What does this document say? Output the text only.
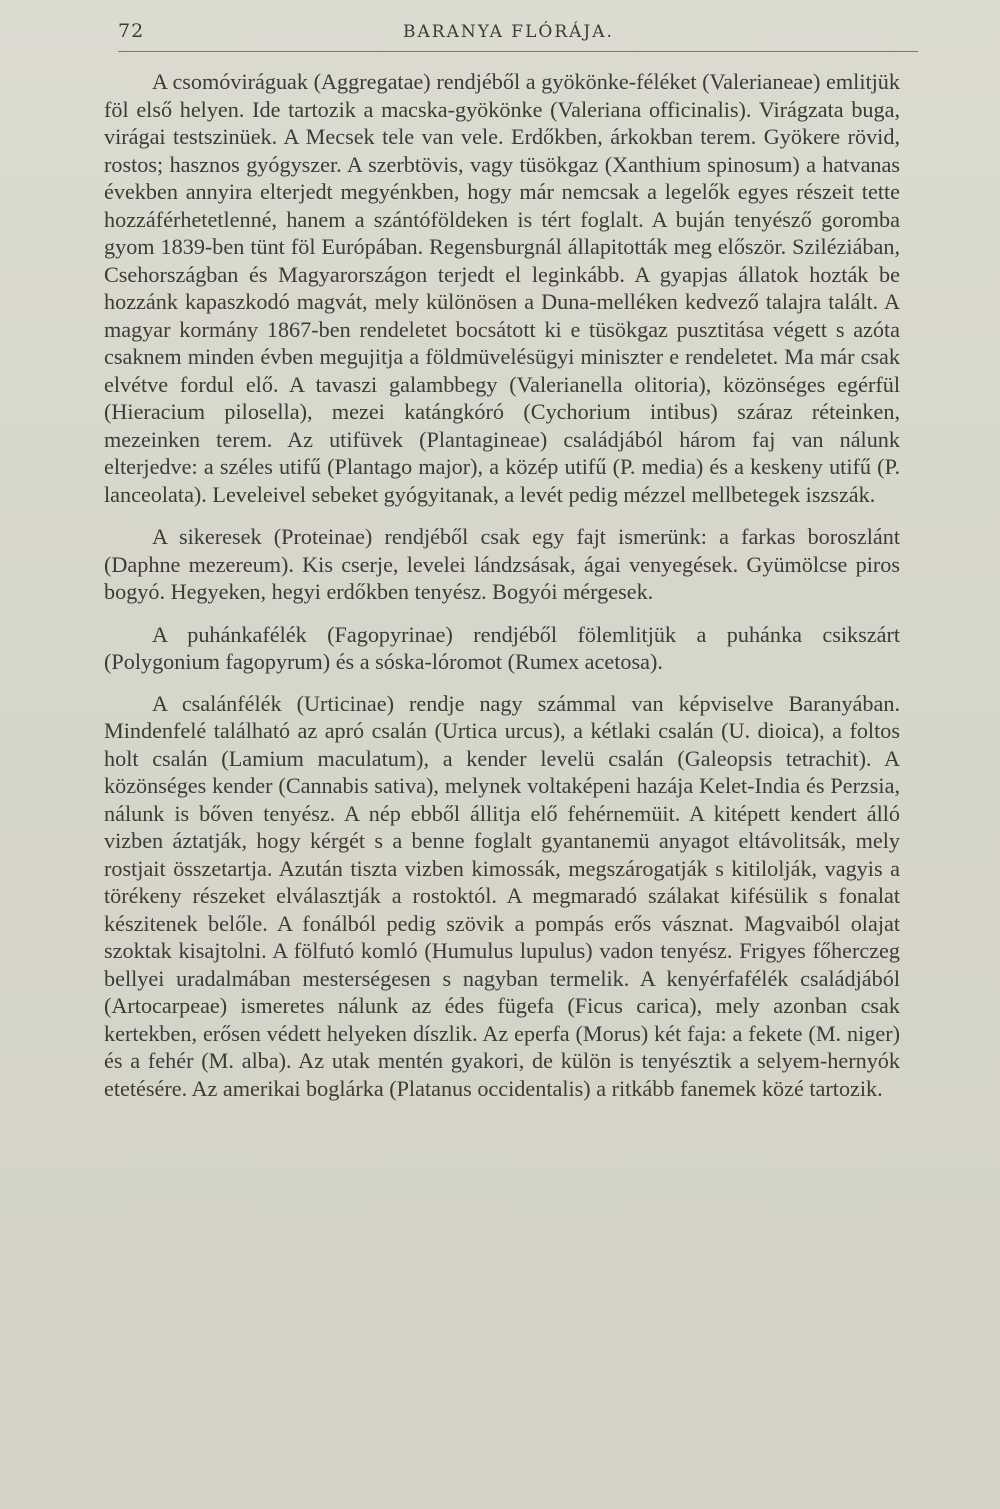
72	BARANYA FLÓRÁJA.

A csomóviráguak (Aggregatae) rendjéből a gyökönke-féléket (Valerianeae) emlitjük föl első helyen. Ide tartozik a macska-gyökönke (Valeriana officinalis). Virágzata buga, virágai testszinüek. A Mecsek tele van vele. Erdőkben, árkokban terem. Gyökere rövid, rostos; hasznos gyógyszer. A szerbtövis, vagy tüsökgaz (Xanthium spinosum) a hatvanas években annyira elterjedt megyénkben, hogy már nemcsak a legelők egyes részeit tette hozzáférhetetlenné, hanem a szántóföldeken is tért foglalt. A buján tenyésző goromba gyom 1839-ben tünt föl Európában. Regensburgnál állapitották meg először. Sziléziában, Csehországban és Magyarországon terjedt el leginkább. A gyapjas állatok hozták be hozzánk kapaszkodó magvát, mely különösen a Duna-melléken kedvező talajra talált. A magyar kormány 1867-ben rendeletet bocsátott ki e tüsökgaz pusztitása végett s azóta csaknem minden évben megujitja a földmüvelésügyi miniszter e rendeletet. Ma már csak elvétve fordul elő. A tavaszi galambbegy (Valerianella olitoria), közönséges egérfül (Hieracium pilosella), mezei katángkóró (Cychorium intibus) száraz réteinken, mezeinken terem. Az utifüvek (Plantagineae) családjából három faj van nálunk elterjedve: a széles utifű (Plantago major), a közép utifű (P. media) és a keskeny utifű (P. lanceolata). Leveleivel sebeket gyógyitanak, a levét pedig mézzel mellbetegek iszszák.

A sikeresek (Proteinae) rendjéből csak egy fajt ismerünk: a farkas boroszlánt (Daphne mezereum). Kis cserje, levelei lándzsásak, ágai venyegések. Gyümölcse piros bogyó. Hegyeken, hegyi erdőkben tenyész. Bogyói mérgesek.

A puhánkafélék (Fagopyrinae) rendjéből fölemlitjük a puhánka csikszárt (Polygonium fagopyrum) és a sóska-lóromot (Rumex acetosa).

A csalánfélék (Urticinae) rendje nagy számmal van képviselve Baranyában. Mindenfelé található az apró csalán (Urtica urcus), a kétlaki csalán (U. dioica), a foltos holt csalán (Lamium maculatum), a kender levelü csalán (Galeopsis tetrachit). A közönséges kender (Cannabis sativa), melynek voltaképeni hazája Kelet-India és Perzsia, nálunk is bőven tenyész. A nép ebből állitja elő fehérnemüit. A kitépett kendert álló vizben áztatják, hogy kérgét s a benne foglalt gyantanemü anyagot eltávolitsák, mely rostjait összetartja. Azután tiszta vizben kimossák, megszárogatják s kitilolják, vagyis a törékeny részeket elválasztják a rostoktól. A megmaradó szálakat kifésülik s fonalat készitenek belőle. A fonálból pedig szövik a pompás erős vásznat. Magvaiból olajat szoktak kisajtolni. A fölfutó komló (Humulus lupulus) vadon tenyész. Frigyes főherczeg bellyei uradalmában mesterségesen s nagyban termelik. A kenyérfafélék családjából (Artocarpeae) ismeretes nálunk az édes fügefa (Ficus carica), mely azonban csak kertekben, erősen védett helyeken díszlik. Az eperfa (Morus) két faja: a fekete (M. niger) és a fehér (M. alba). Az utak mentén gyakori, de külön is tenyésztik a selyem-hernyók etetésére. Az amerikai boglárka (Platanus occidentalis) a ritkább fanemek közé tartozik.
